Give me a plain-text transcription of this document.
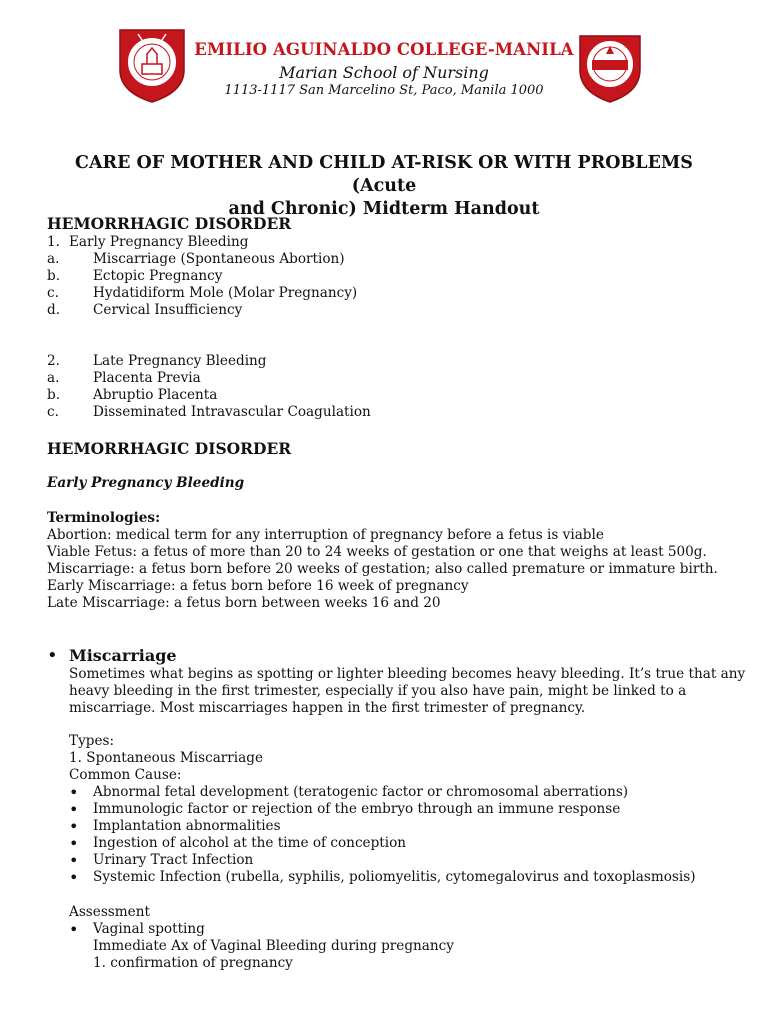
EMILIO AGUINALDO COLLEGE-MANILA
Marian School of Nursing
1113-1117 San Marcelino St, Paco, Manila 1000
CARE OF MOTHER AND CHILD AT-RISK OR WITH PROBLEMS (Acute
and Chronic) Midterm Handout
HEMORRHAGIC DISORDER
1. Early Pregnancy Bleeding
a. Miscarriage (Spontaneous Abortion)
b. Ectopic Pregnancy
c.	Hydatidiform Mole (Molar Pregnancy)
d. Cervical Insufficiency
2. Late Pregnancy Bleeding
a. Placenta Previa
b. Abruptio Placenta
c.	Disseminated Intravascular Coagulation
HEMORRHAGIC DISORDER
Early Pregnancy Bleeding
Terminologies:
Abortion: medical term for any interruption of pregnancy before a fetus is viable
Viable Fetus: a fetus of more than 20 to 24 weeks of gestation or one that weighs at least 500g.
Miscarriage: a fetus born before 20 weeks of gestation; also called premature or immature birth.
Early Miscarriage: a fetus born before 16 week of pregnancy
Late Miscarriage: a fetus born between weeks 16 and 20
• Miscarriage
Sometimes what begins as spotting or lighter bleeding becomes heavy bleeding. It’s true that any
heavy bleeding in the first trimester, especially if you also have pain, might be linked to a
miscarriage. Most miscarriages happen in the first trimester of pregnancy.
Types:
1. Spontaneous Miscarriage
Common Cause:
• Abnormal fetal development (teratogenic factor or chromosomal aberrations)
• Immunologic factor or rejection of the embryo through an immune response
• Implantation abnormalities
• Ingestion of alcohol at the time of conception
• Urinary Tract Infection
• Systemic Infection (rubella, syphilis, poliomyelitis, cytomegalovirus and toxoplasmosis)
Assessment
• Vaginal spotting
Immediate Ax of Vaginal Bleeding during pregnancy
1. confirmation of pregnancy
